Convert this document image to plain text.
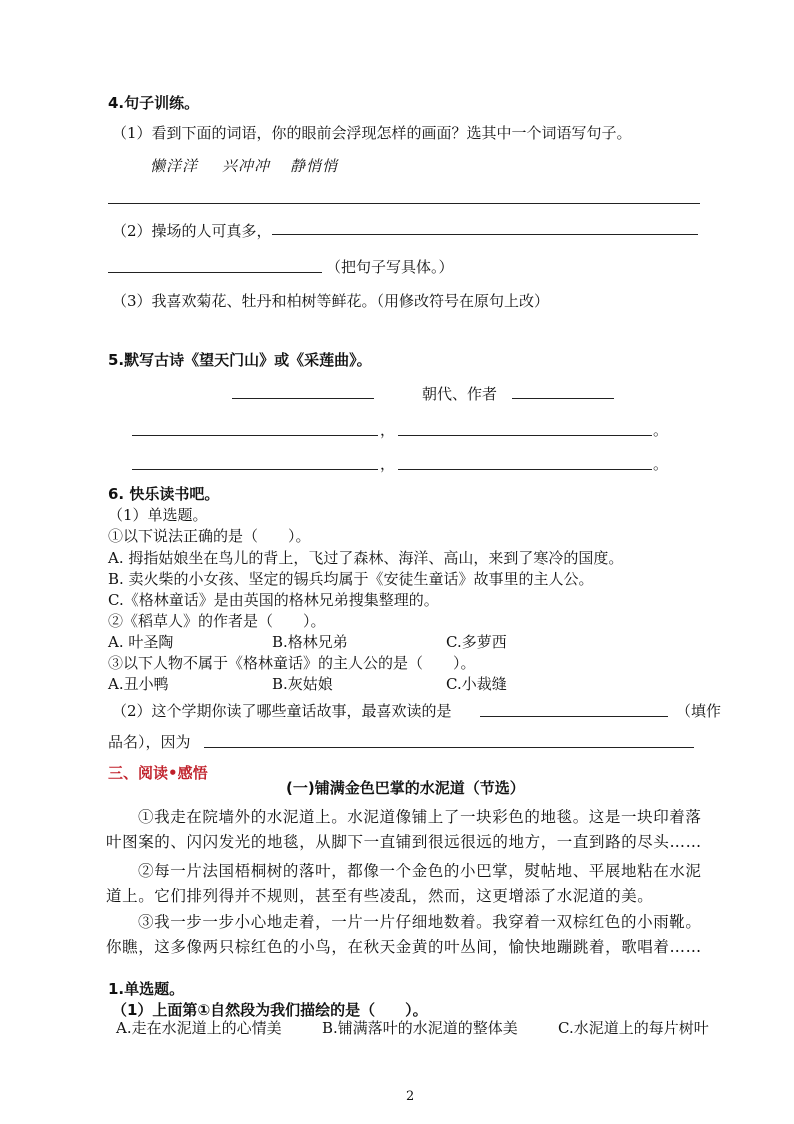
4.句子训练。
（1）看到下面的词语，你的眼前会浮现怎样的画面？选其中一个词语写句子。
懒洋洋 兴冲冲 静悄悄
（2）操场的人可真多，
（把句子写具体。）
（3）我喜欢菊花、牡丹和柏树等鲜花。（用修改符号在原句上改）
5.默写古诗《望天门山》或《采莲曲》。
朝代、作者
，	。
，	。
6. 快乐读书吧。
（1）单选题。
①以下说法正确的是（　　）。
A. 拇指姑娘坐在鸟儿的背上，飞过了森林、海洋、高山，来到了寒冷的国度。
B. 卖火柴的小女孩、坚定的锡兵均属于《安徒生童话》故事里的主人公。
C.《格林童话》是由英国的格林兄弟搜集整理的。
②《稻草人》的作者是（　　）。
A. 叶圣陶	B.格林兄弟	C.多萝西
③以下人物不属于《格林童话》的主人公的是（　　）。
A.丑小鸭	B.灰姑娘	C.小裁缝
（2）这个学期你读了哪些童话故事，最喜欢读的是	（填作
品名），因为
三、阅读•感悟
(一)铺满金色巴掌的水泥道（节选）
①我走在院墙外的水泥道上。水泥道像铺上了一块彩色的地毯。这是一块印着落
叶图案的、闪闪发光的地毯，从脚下一直铺到很远很远的地方，一直到路的尽头……
②每一片法国梧桐树的落叶，都像一个金色的小巴掌，熨帖地、平展地粘在水泥
道上。它们排列得并不规则，甚至有些凌乱，然而，这更增添了水泥道的美。
③我一步一步小心地走着，一片一片仔细地数着。我穿着一双棕红色的小雨靴。
你瞧，这多像两只棕红色的小鸟，在秋天金黄的叶丛间，愉快地蹦跳着，歌唱着……
1.单选题。
（1）上面第①自然段为我们描绘的是（　　）。
A.走在水泥道上的心情美	B.铺满落叶的水泥道的整体美	C.水泥道上的每片树叶
2
